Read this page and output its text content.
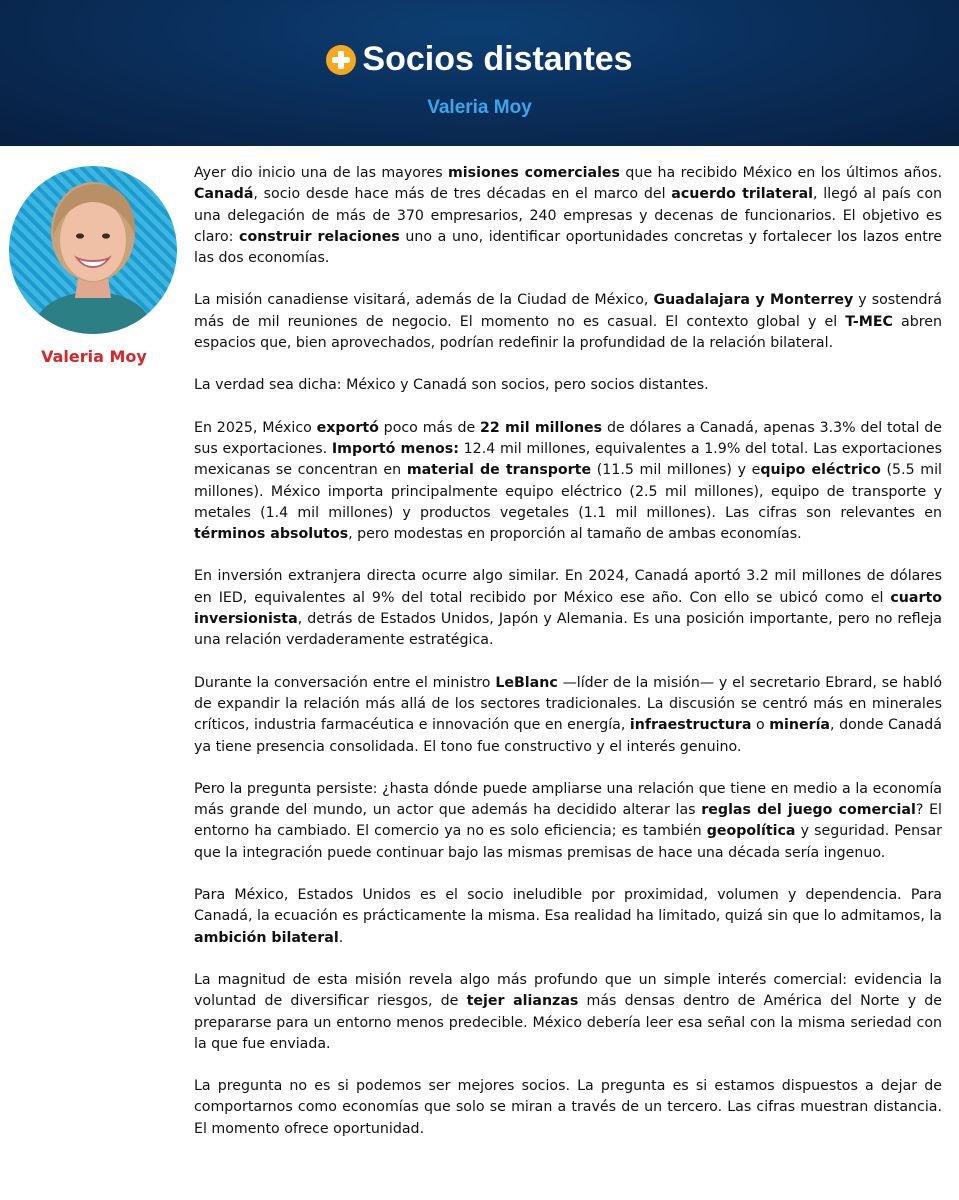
Socios distantes
Valeria Moy
Valeria Moy

Ayer dio inicio una de las mayores misiones comerciales que ha recibido México en los últimos años. Canadá, socio desde hace más de tres décadas en el marco del acuerdo trilateral, llegó al país con una delegación de más de 370 empresarios, 240 empresas y decenas de funcionarios. El objetivo es claro: construir relaciones uno a uno, identificar oportunidades concretas y fortalecer los lazos entre las dos economías.

La misión canadiense visitará, además de la Ciudad de México, Guadalajara y Monterrey y sostendrá más de mil reuniones de negocio. El momento no es casual. El contexto global y el T-MEC abren espacios que, bien aprovechados, podrían redefinir la profundidad de la relación bilateral.

La verdad sea dicha: México y Canadá son socios, pero socios distantes.

En 2025, México exportó poco más de 22 mil millones de dólares a Canadá, apenas 3.3% del total de sus exportaciones. Importó menos: 12.4 mil millones, equivalentes a 1.9% del total. Las exportaciones mexicanas se concentran en material de transporte (11.5 mil millones) y equipo eléctrico (5.5 mil millones). México importa principalmente equipo eléctrico (2.5 mil millones), equipo de transporte y metales (1.4 mil millones) y productos vegetales (1.1 mil millones). Las cifras son relevantes en términos absolutos, pero modestas en proporción al tamaño de ambas economías.

En inversión extranjera directa ocurre algo similar. En 2024, Canadá aportó 3.2 mil millones de dólares en IED, equivalentes al 9% del total recibido por México ese año. Con ello se ubicó como el cuarto inversionista, detrás de Estados Unidos, Japón y Alemania. Es una posición importante, pero no refleja una relación verdaderamente estratégica.

Durante la conversación entre el ministro LeBlanc —líder de la misión— y el secretario Ebrard, se habló de expandir la relación más allá de los sectores tradicionales. La discusión se centró más en minerales críticos, industria farmacéutica e innovación que en energía, infraestructura o minería, donde Canadá ya tiene presencia consolidada. El tono fue constructivo y el interés genuino.

Pero la pregunta persiste: ¿hasta dónde puede ampliarse una relación que tiene en medio a la economía más grande del mundo, un actor que además ha decidido alterar las reglas del juego comercial? El entorno ha cambiado. El comercio ya no es solo eficiencia; es también geopolítica y seguridad. Pensar que la integración puede continuar bajo las mismas premisas de hace una década sería ingenuo.

Para México, Estados Unidos es el socio ineludible por proximidad, volumen y dependencia. Para Canadá, la ecuación es prácticamente la misma. Esa realidad ha limitado, quizá sin que lo admitamos, la ambición bilateral.

La magnitud de esta misión revela algo más profundo que un simple interés comercial: evidencia la voluntad de diversificar riesgos, de tejer alianzas más densas dentro de América del Norte y de prepararse para un entorno menos predecible. México debería leer esa señal con la misma seriedad con la que fue enviada.

La pregunta no es si podemos ser mejores socios. La pregunta es si estamos dispuestos a dejar de comportarnos como economías que solo se miran a través de un tercero. Las cifras muestran distancia. El momento ofrece oportunidad.
